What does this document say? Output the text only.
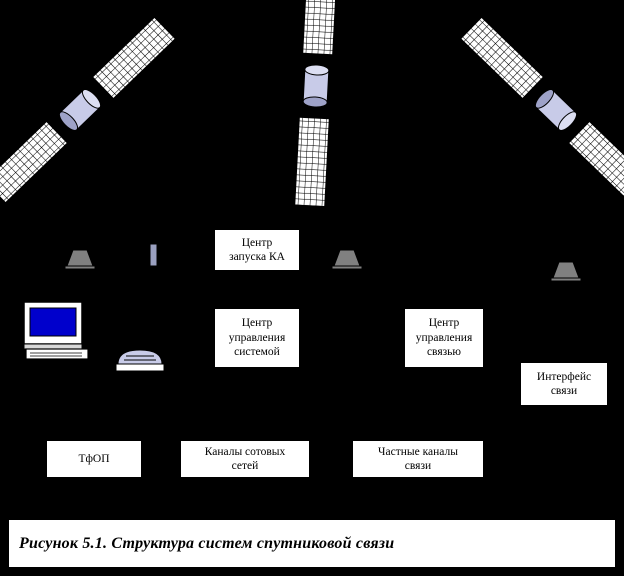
Центр
запуска КА
Центр
управления
системой
Центр
управления
связью
Интерфейс
связи
ТфОП
Каналы сотовых
сетей
Частные каналы
связи
Рисунок 5.1. Структура систем спутниковой связи
